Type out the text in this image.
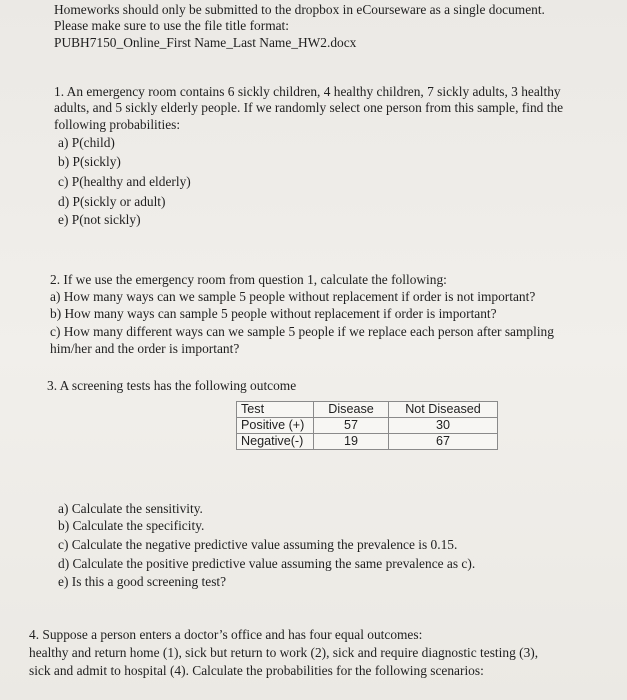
Homeworks should only be submitted to the dropbox in eCourseware as a single document.
Please make sure to use the file title format:
PUBH7150_Online_First Name_Last Name_HW2.docx
1. An emergency room contains 6 sickly children, 4 healthy children, 7 sickly adults, 3 healthy
adults, and 5 sickly elderly people. If we randomly select one person from this sample, find the
following probabilities:
a) P(child)
b) P(sickly)
c) P(healthy and elderly)
d) P(sickly or adult)
e) P(not sickly)
2. If we use the emergency room from question 1, calculate the following:
a) How many ways can we sample 5 people without replacement if order is not important?
b) How many ways can sample 5 people without replacement if order is important?
c) How many different ways can we sample 5 people if we replace each person after sampling
him/her and the order is important?
3. A screening tests has the following outcome
Test	Disease	Not Diseased
Positive (+)	57	30
Negative(-)	19	67
a) Calculate the sensitivity.
b) Calculate the specificity.
c) Calculate the negative predictive value assuming the prevalence is 0.15.
d) Calculate the positive predictive value assuming the same prevalence as c).
e) Is this a good screening test?
4. Suppose a person enters a doctor’s office and has four equal outcomes:
healthy and return home (1), sick but return to work (2), sick and require diagnostic testing (3),
sick and admit to hospital (4). Calculate the probabilities for the following scenarios:
